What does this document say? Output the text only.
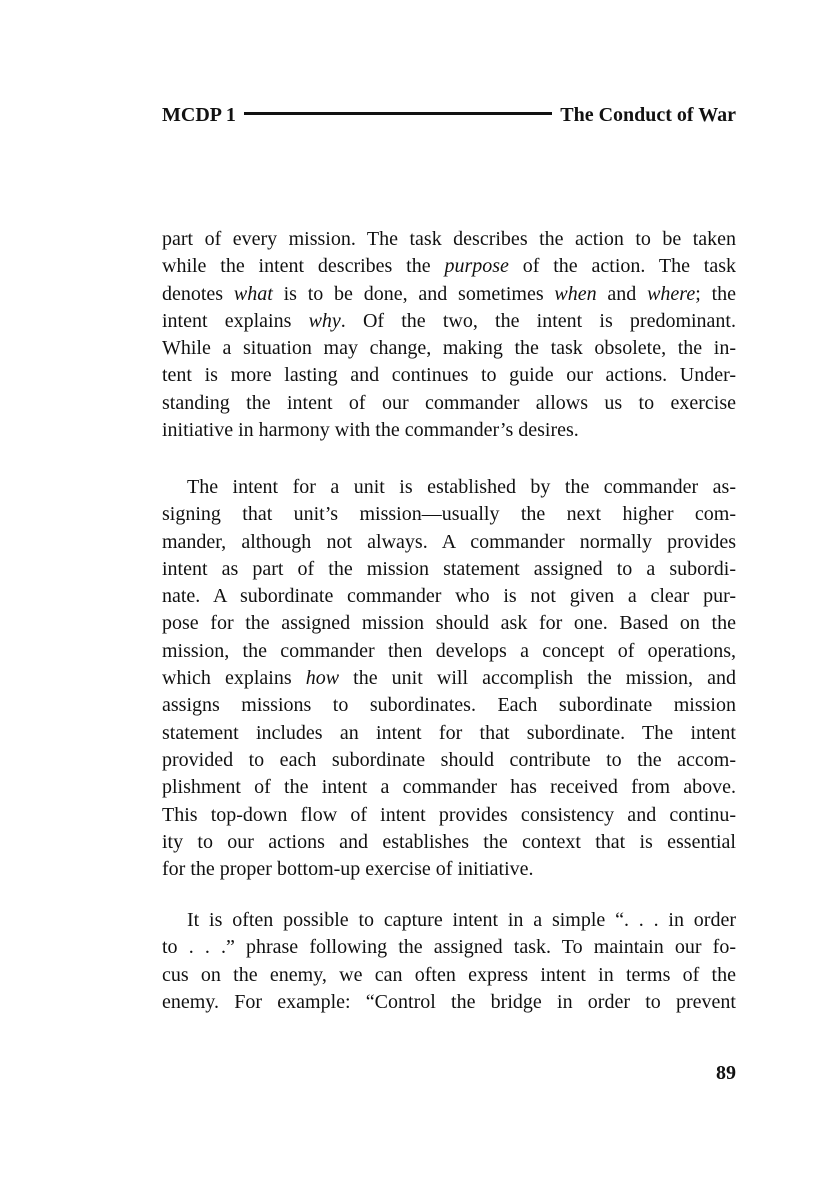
MCDP 1	The Conduct of War
part of every mission. The task describes the action to be taken
while the intent describes the purpose of the action. The task
denotes what is to be done, and sometimes when and where; the
intent explains why. Of the two, the intent is predominant.
While a situation may change, making the task obsolete, the in-
tent is more lasting and continues to guide our actions. Under-
standing the intent of our commander allows us to exercise
initiative in harmony with the commander’s desires.
The intent for a unit is established by the commander as-
signing that unit’s mission—usually the next higher com-
mander, although not always. A commander normally provides
intent as part of the mission statement assigned to a subordi-
nate. A subordinate commander who is not given a clear pur-
pose for the assigned mission should ask for one. Based on the
mission, the commander then develops a concept of operations,
which explains how the unit will accomplish the mission, and
assigns missions to subordinates. Each subordinate mission
statement includes an intent for that subordinate. The intent
provided to each subordinate should contribute to the accom-
plishment of the intent a commander has received from above.
This top-down flow of intent provides consistency and continu-
ity to our actions and establishes the context that is essential
for the proper bottom-up exercise of initiative.
It is often possible to capture intent in a simple “. . . in order
to . . .” phrase following the assigned task. To maintain our fo-
cus on the enemy, we can often express intent in terms of the
enemy. For example: “Control the bridge in order to prevent
89
